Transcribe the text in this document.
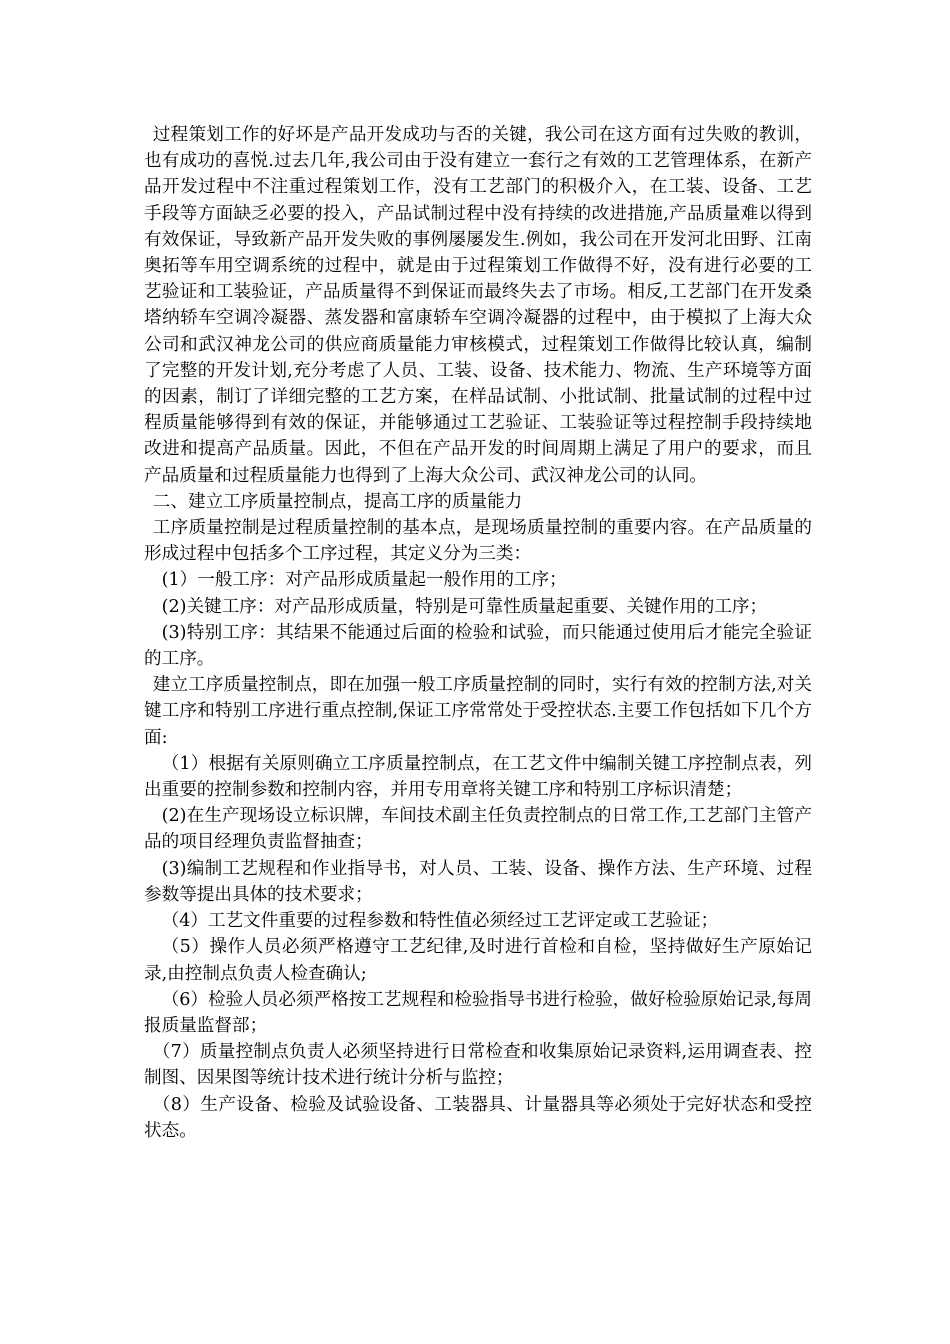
过程策划工作的好坏是产品开发成功与否的关键，我公司在这方面有过失败的教训，也有成功的喜悦.过去几年,我公司由于没有建立一套行之有效的工艺管理体系，在新产品开发过程中不注重过程策划工作，没有工艺部门的积极介入，在工装、设备、工艺手段等方面缺乏必要的投入，产品试制过程中没有持续的改进措施,产品质量难以得到有效保证，导致新产品开发失败的事例屡屡发生.例如，我公司在开发河北田野、江南奥拓等车用空调系统的过程中，就是由于过程策划工作做得不好，没有进行必要的工艺验证和工装验证，产品质量得不到保证而最终失去了市场。相反,工艺部门在开发桑塔纳轿车空调冷凝器、蒸发器和富康轿车空调冷凝器的过程中，由于模拟了上海大众公司和武汉神龙公司的供应商质量能力审核模式，过程策划工作做得比较认真，编制了完整的开发计划,充分考虑了人员、工装、设备、技术能力、物流、生产环境等方面的因素，制订了详细完整的工艺方案，在样品试制、小批试制、批量试制的过程中过程质量能够得到有效的保证，并能够通过工艺验证、工装验证等过程控制手段持续地改进和提高产品质量。因此，不但在产品开发的时间周期上满足了用户的要求，而且产品质量和过程质量能力也得到了上海大众公司、武汉神龙公司的认同。

二、建立工序质量控制点，提高工序的质量能力

工序质量控制是过程质量控制的基本点，是现场质量控制的重要内容。在产品质量的形成过程中包括多个工序过程，其定义分为三类：

(1）一般工序：对产品形成质量起一般作用的工序；

(2)关键工序：对产品形成质量，特别是可靠性质量起重要、关键作用的工序；

(3)特别工序：其结果不能通过后面的检验和试验，而只能通过使用后才能完全验证的工序。

建立工序质量控制点，即在加强一般工序质量控制的同时，实行有效的控制方法,对关键工序和特别工序进行重点控制,保证工序常常处于受控状态.主要工作包括如下几个方面:

（1）根据有关原则确立工序质量控制点，在工艺文件中编制关键工序控制点表，列出重要的控制参数和控制内容，并用专用章将关键工序和特别工序标识清楚；

(2)在生产现场设立标识牌，车间技术副主任负责控制点的日常工作,工艺部门主管产品的项目经理负责监督抽查；

(3)编制工艺规程和作业指导书，对人员、工装、设备、操作方法、生产环境、过程参数等提出具体的技术要求；

（4）工艺文件重要的过程参数和特性值必须经过工艺评定或工艺验证；

（5）操作人员必须严格遵守工艺纪律,及时进行首检和自检，坚持做好生产原始记录,由控制点负责人检查确认;

（6）检验人员必须严格按工艺规程和检验指导书进行检验，做好检验原始记录,每周报质量监督部；

（7）质量控制点负责人必须坚持进行日常检查和收集原始记录资料,运用调查表、控制图、因果图等统计技术进行统计分析与监控；

（8）生产设备、检验及试验设备、工装器具、计量器具等必须处于完好状态和受控状态。
